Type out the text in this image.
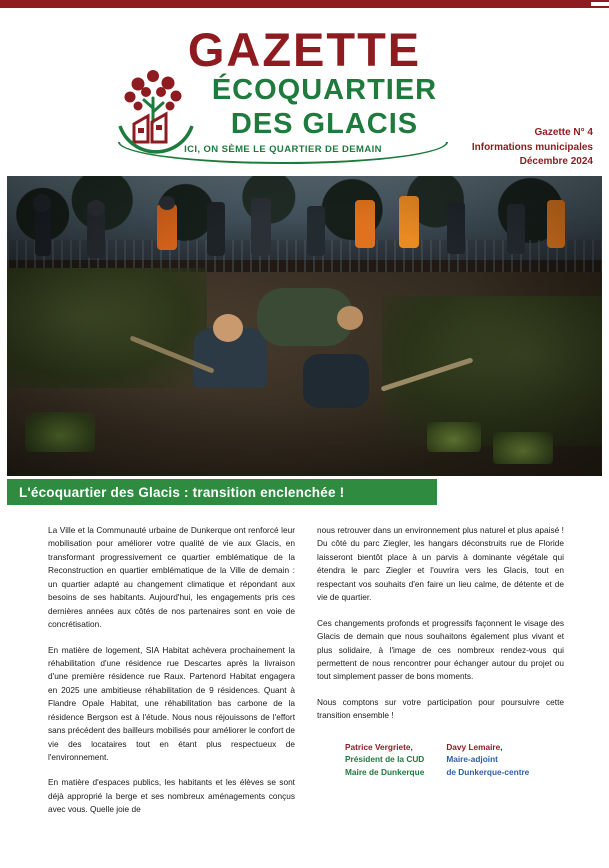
GAZETTE
ÉCOQUARTIER
DES GLACIS
ICI, ON SÈME LE QUARTIER DE DEMAIN
Gazette N° 4
Informations municipales
Décembre 2024
L'écoquartier des Glacis : transition enclenchée !

La Ville et la Communauté urbaine de Dunkerque ont renforcé leur mobilisation pour améliorer votre qualité de vie aux Glacis, en transformant progressivement ce quartier emblématique de la Reconstruction en quartier emblématique de la Ville de demain : un quartier adapté au changement climatique et répondant aux besoins de ses habitants. Aujourd'hui, les engagements pris ces dernières années aux côtés de nos partenaires sont en voie de concrétisation.

En matière de logement, SIA Habitat achèvera prochainement la réhabilitation d'une résidence rue Descartes après la livraison d'une première résidence rue Raux. Partenord Habitat engagera en 2025 une ambitieuse réhabilitation de 9 résidences. Quant à Flandre Opale Habitat, une réhabilitation bas carbone de la résidence Bergson est à l'étude. Nous nous réjouissons de l'effort sans précédent des bailleurs mobilisés pour améliorer le confort de vie des locataires tout en étant plus respectueux de l'environnement.

En matière d'espaces publics, les habitants et les élèves se sont déjà approprié la berge et ses nombreux aménagements conçus avec vous. Quelle joie de

nous retrouver dans un environnement plus naturel et plus apaisé ! Du côté du parc Ziegler, les hangars déconstruits rue de Floride laisseront bientôt place à un parvis à dominante végétale qui étendra le parc Ziegler et l'ouvrira vers les Glacis, tout en respectant vos souhaits d'en faire un lieu calme, de détente et de vie de quartier.

Ces changements profonds et progressifs façonnent le visage des Glacis de demain que nous souhaitons également plus vivant et plus solidaire, à l'image de ces nombreux rendez-vous qui permettent de nous rencontrer pour échanger autour du projet ou tout simplement passer de bons moments.

Nous comptons sur votre participation pour poursuivre cette transition ensemble !

Patrice Vergriete,
Président de la CUD
Maire de Dunkerque
Davy Lemaire,
Maire-adjoint
de Dunkerque-centre
